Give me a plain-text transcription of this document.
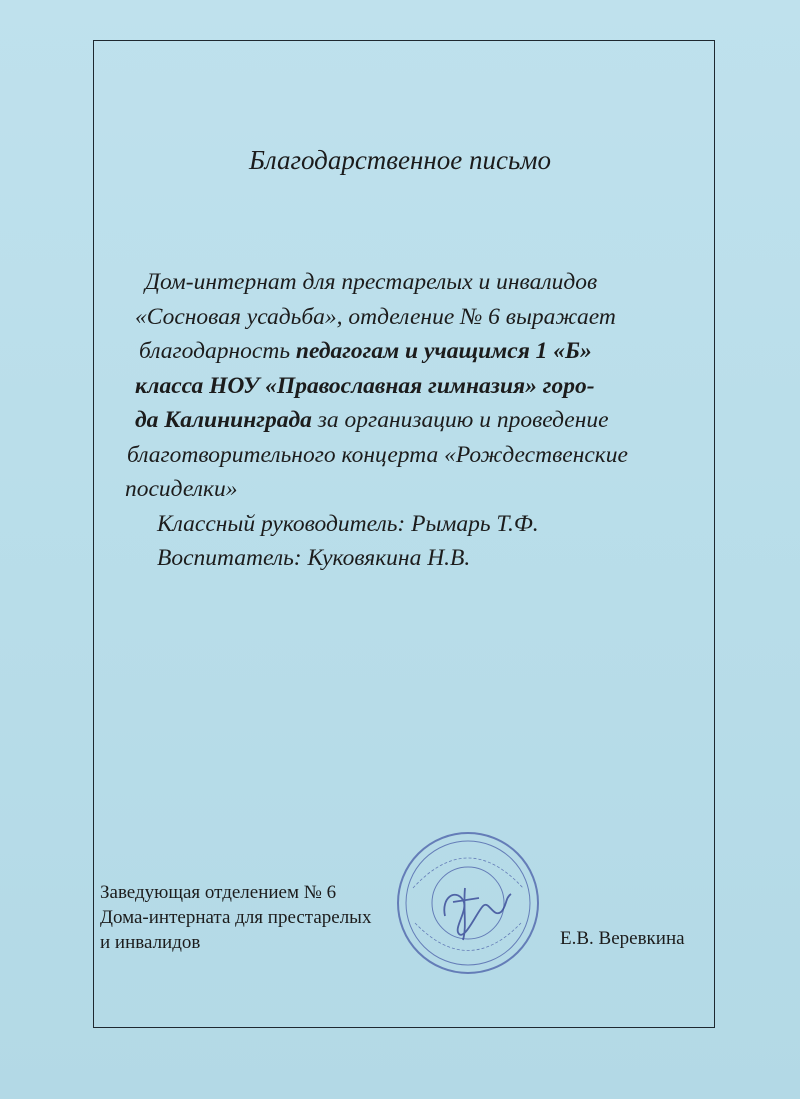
Благодарственное письмо
Дом-интернат для престарелых и инвалидов
«Сосновая усадьба», отделение № 6 выражает
благодарность педагогам и учащимся 1 «Б»
класса НОУ «Православная гимназия» горо-
да Калининграда за организацию и проведение
благотворительного концерта «Рождественские
посиделки»
Классный руководитель: Рымарь Т.Ф.
Воспитатель: Куковякина Н.В.
Заведующая отделением № 6
Дома-интерната для престарелых
и инвалидов	Е.В. Веревкина
